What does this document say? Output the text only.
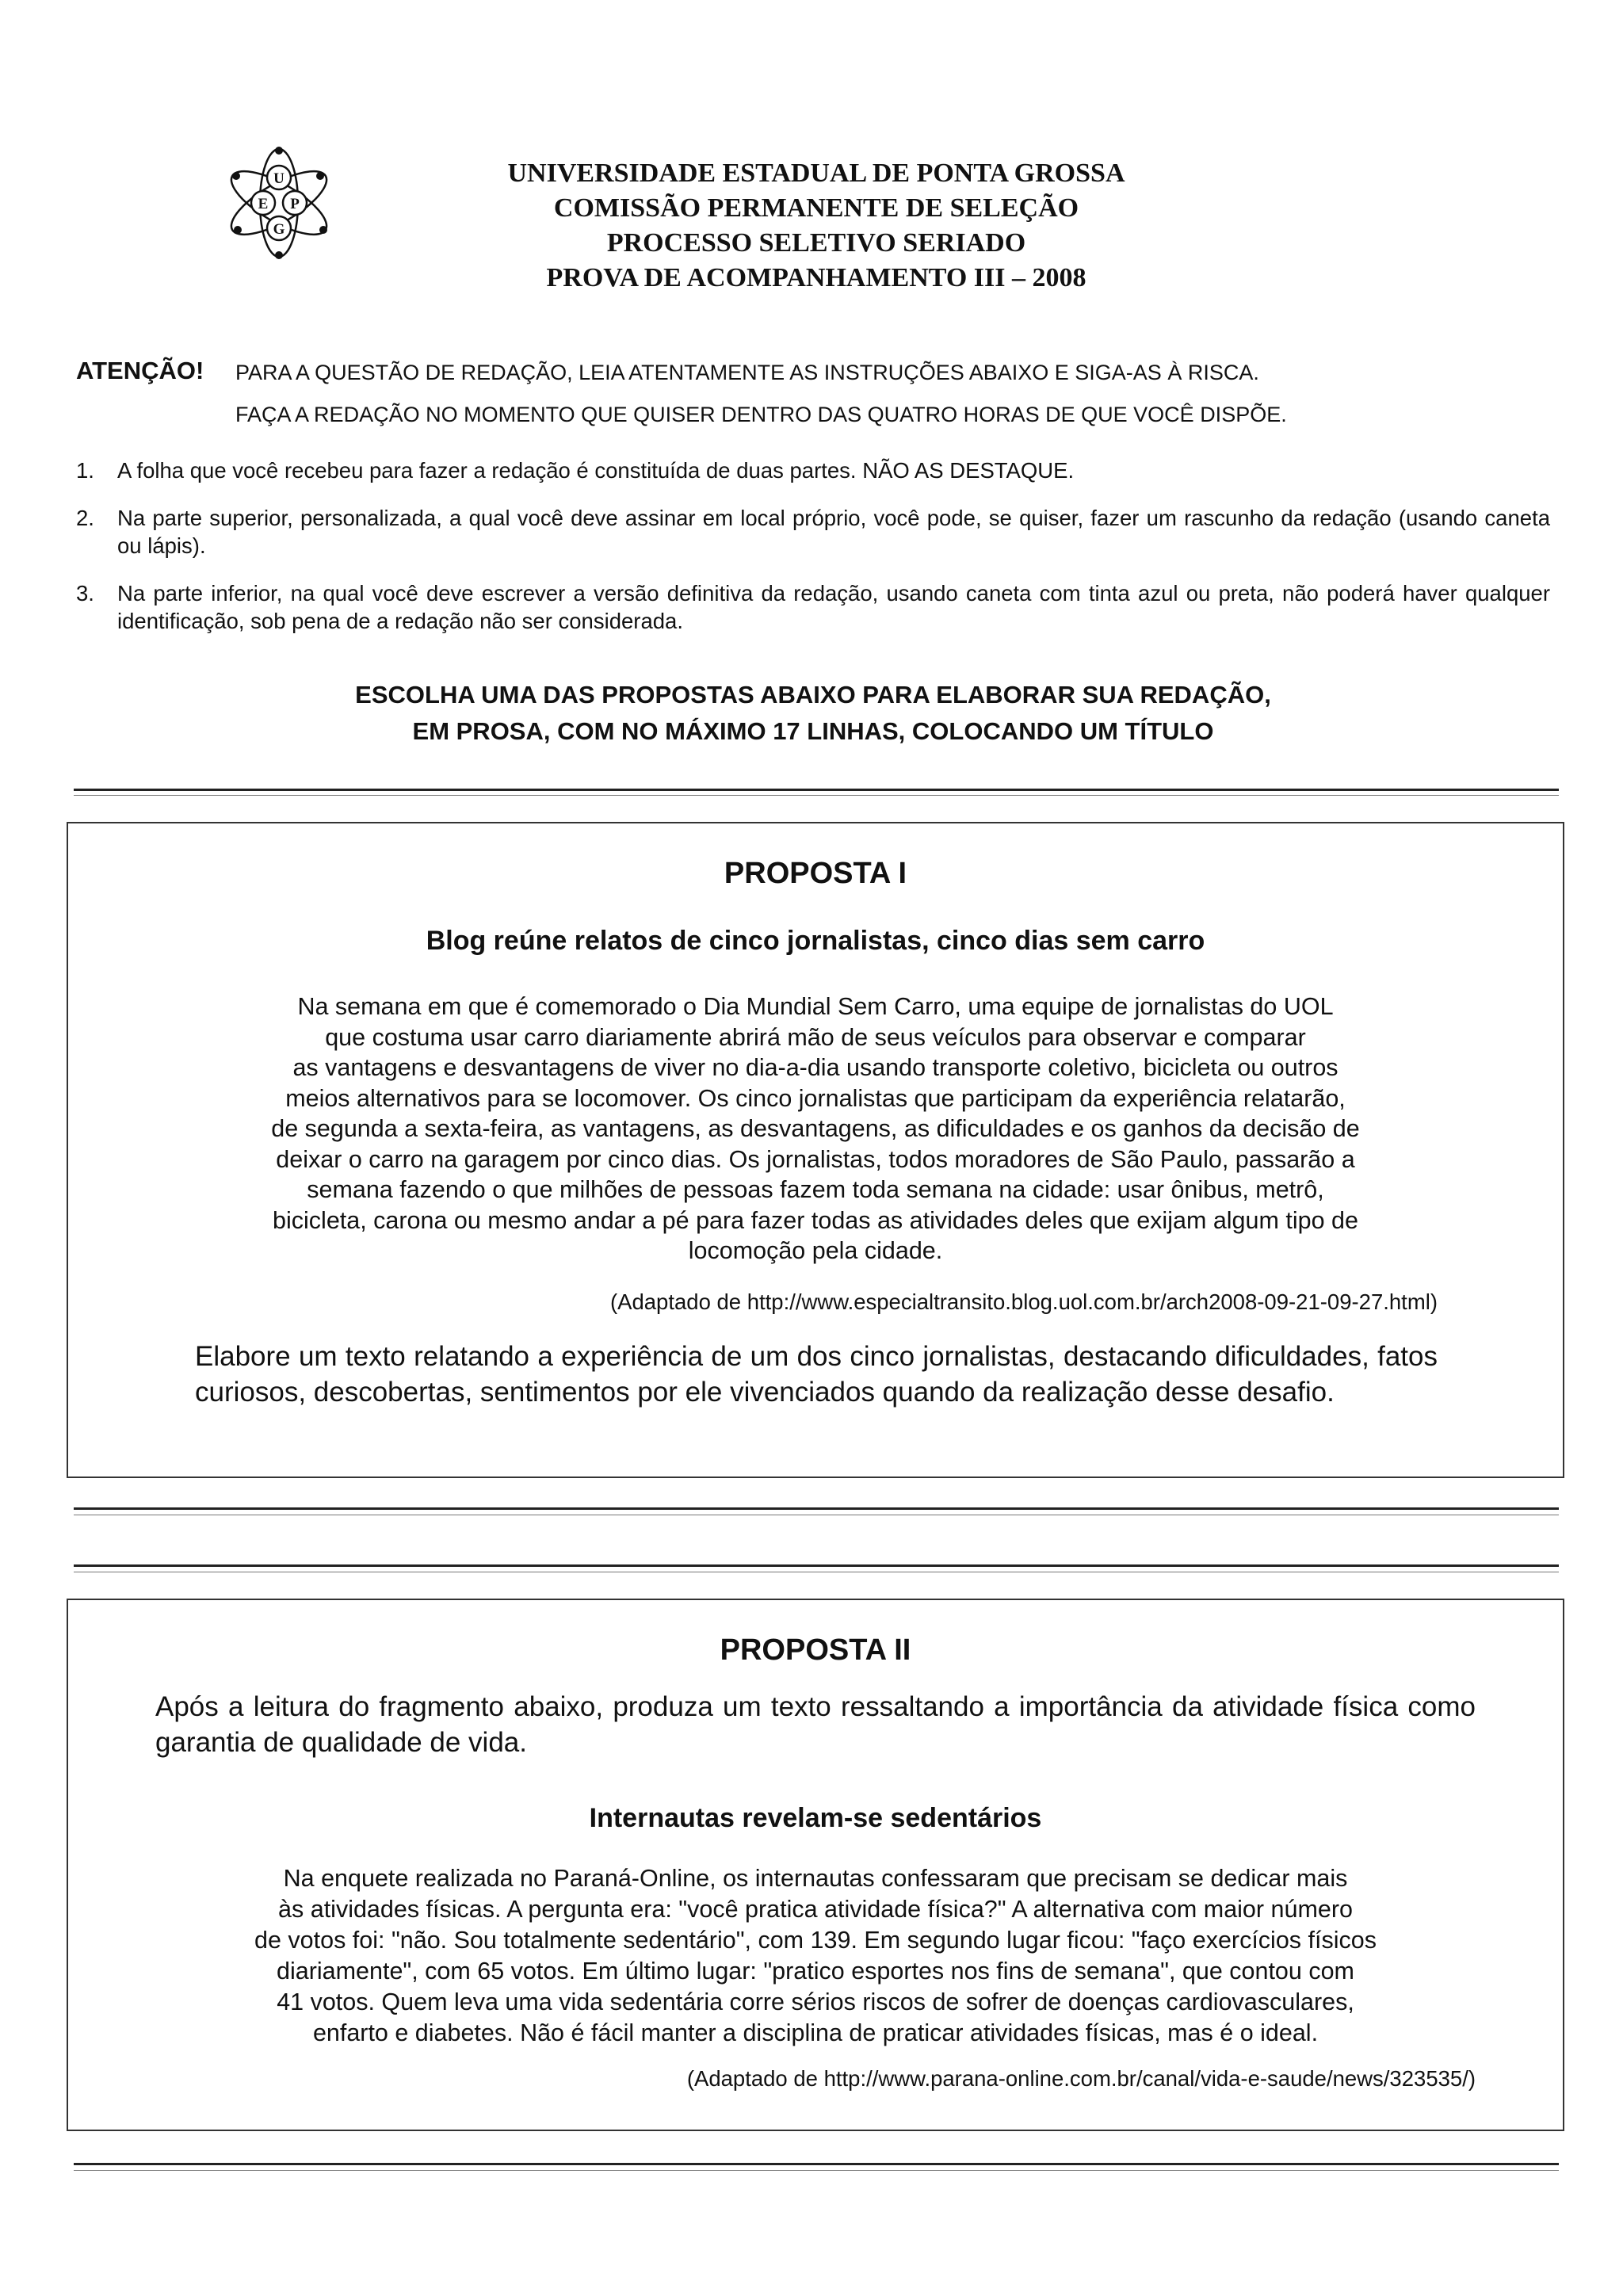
U
E P
G
UNIVERSIDADE ESTADUAL DE PONTA GROSSA
COMISSÃO PERMANENTE DE SELEÇÃO
PROCESSO SELETIVO SERIADO
PROVA DE ACOMPANHAMENTO III – 2008
ATENÇÃO! PARA A QUESTÃO DE REDAÇÃO, LEIA ATENTAMENTE AS INSTRUÇÕES ABAIXO E SIGA-AS À RISCA.
FAÇA A REDAÇÃO NO MOMENTO QUE QUISER DENTRO DAS QUATRO HORAS DE QUE VOCÊ DISPÕE.
1. A folha que você recebeu para fazer a redação é constituída de duas partes. NÃO AS DESTAQUE.
2. Na parte superior, personalizada, a qual você deve assinar em local próprio, você pode, se quiser, fazer um rascunho da redação (usando caneta ou lápis).
3. Na parte inferior, na qual você deve escrever a versão definitiva da redação, usando caneta com tinta azul ou preta, não poderá haver qualquer identificação, sob pena de a redação não ser considerada.
ESCOLHA UMA DAS PROPOSTAS ABAIXO PARA ELABORAR SUA REDAÇÃO,
EM PROSA, COM NO MÁXIMO 17 LINHAS, COLOCANDO UM TÍTULO
PROPOSTA I
Blog reúne relatos de cinco jornalistas, cinco dias sem carro
Na semana em que é comemorado o Dia Mundial Sem Carro, uma equipe de jornalistas do UOL
que costuma usar carro diariamente abrirá mão de seus veículos para observar e comparar
as vantagens e desvantagens de viver no dia-a-dia usando transporte coletivo, bicicleta ou outros
meios alternativos para se locomover. Os cinco jornalistas que participam da experiência relatarão,
de segunda a sexta-feira, as vantagens, as desvantagens, as dificuldades e os ganhos da decisão de
deixar o carro na garagem por cinco dias. Os jornalistas, todos moradores de São Paulo, passarão a
semana fazendo o que milhões de pessoas fazem toda semana na cidade: usar ônibus, metrô,
bicicleta, carona ou mesmo andar a pé para fazer todas as atividades deles que exijam algum tipo de
locomoção pela cidade.
(Adaptado de http://www.especialtransito.blog.uol.com.br/arch2008-09-21-09-27.html)
Elabore um texto relatando a experiência de um dos cinco jornalistas, destacando dificuldades, fatos curiosos, descobertas, sentimentos por ele vivenciados quando da realização desse desafio.
PROPOSTA II
Após a leitura do fragmento abaixo, produza um texto ressaltando a importância da atividade física como garantia de qualidade de vida.
Internautas revelam-se sedentários
Na enquete realizada no Paraná-Online, os internautas confessaram que precisam se dedicar mais
às atividades físicas. A pergunta era: "você pratica atividade física?" A alternativa com maior número
de votos foi: "não. Sou totalmente sedentário", com 139. Em segundo lugar ficou: "faço exercícios físicos
diariamente", com 65 votos. Em último lugar: "pratico esportes nos fins de semana", que contou com
41 votos. Quem leva uma vida sedentária corre sérios riscos de sofrer de doenças cardiovasculares,
enfarto e diabetes. Não é fácil manter a disciplina de praticar atividades físicas, mas é o ideal.
(Adaptado de http://www.parana-online.com.br/canal/vida-e-saude/news/323535/)
